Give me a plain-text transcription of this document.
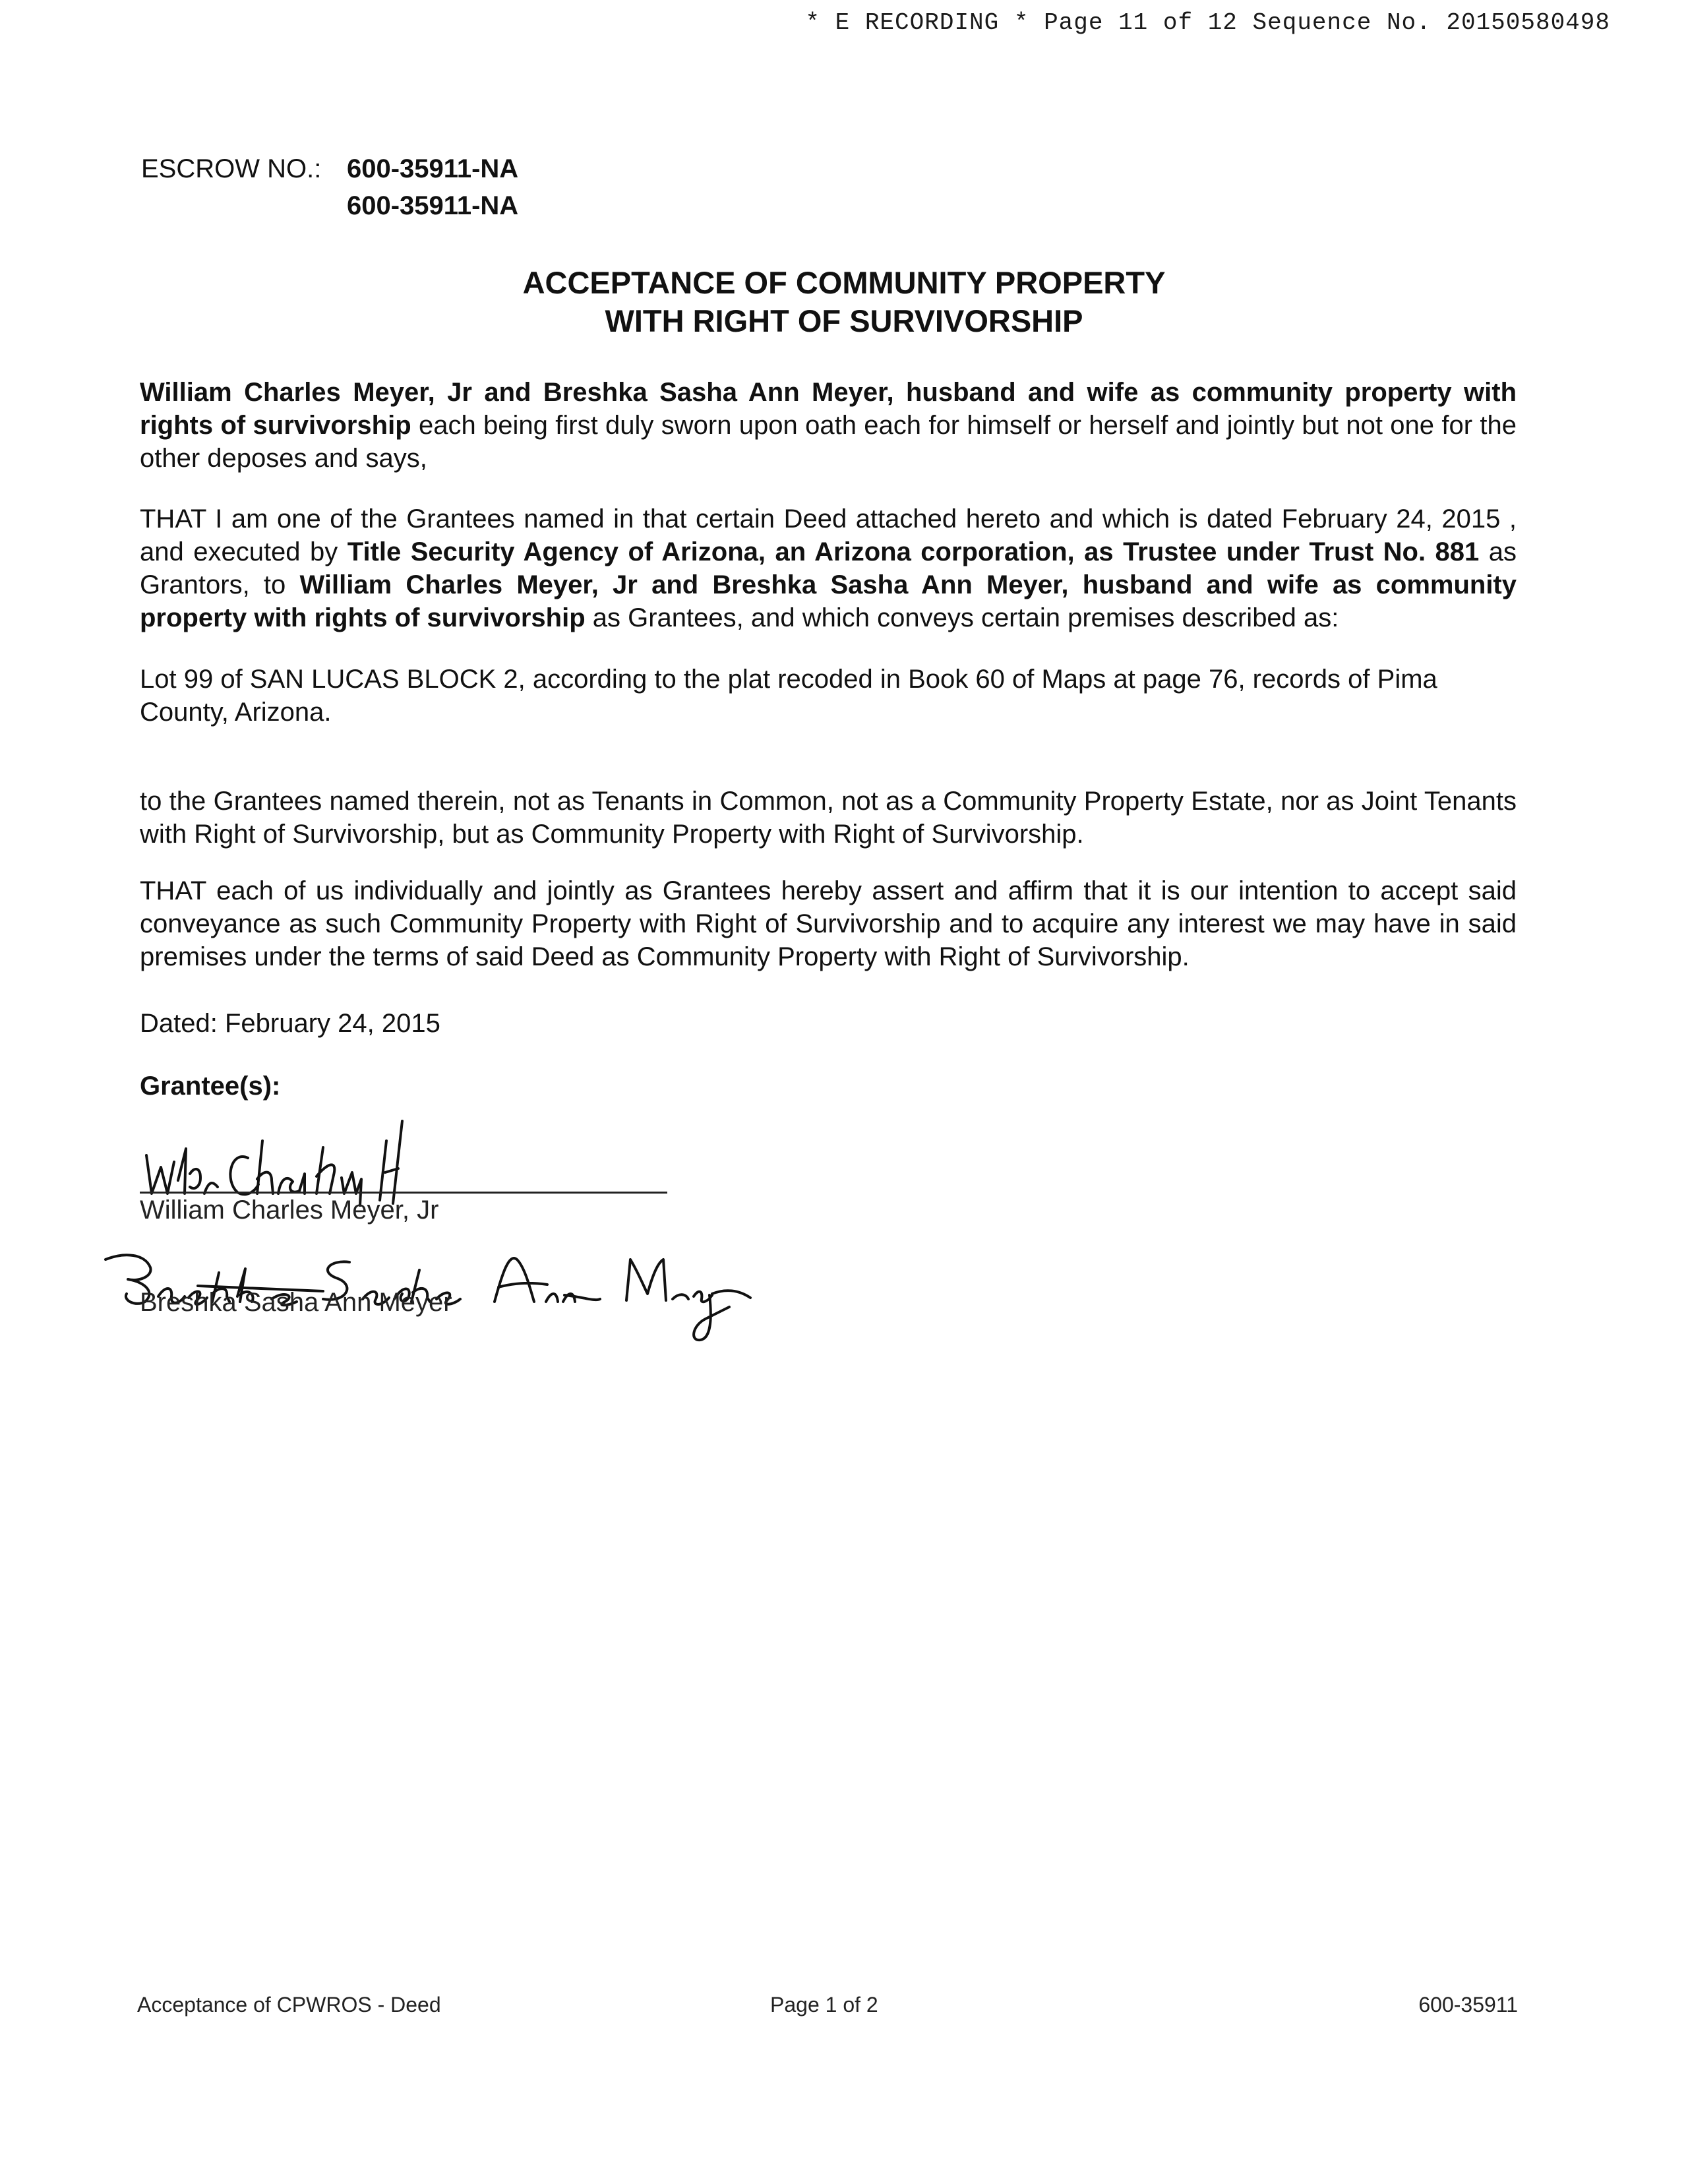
* E RECORDING * Page 11 of 12 Sequence No. 20150580498
ESCROW NO.: 600-35911-NA
600-35911-NA
ACCEPTANCE OF COMMUNITY PROPERTY
WITH RIGHT OF SURVIVORSHIP
William Charles Meyer, Jr and Breshka Sasha Ann Meyer, husband and wife as community property with rights of survivorship each being first duly sworn upon oath each for himself or herself and jointly but not one for the other deposes and says,
THAT I am one of the Grantees named in that certain Deed attached hereto and which is dated February 24, 2015 , and executed by Title Security Agency of Arizona, an Arizona corporation, as Trustee under Trust No. 881 as Grantors, to William Charles Meyer, Jr and Breshka Sasha Ann Meyer, husband and wife as community property with rights of survivorship as Grantees, and which conveys certain premises described as:
Lot 99 of SAN LUCAS BLOCK 2, according to the plat recoded in Book 60 of Maps at page 76, records of Pima County, Arizona.
to the Grantees named therein, not as Tenants in Common, not as a Community Property Estate, nor as Joint Tenants with Right of Survivorship, but as Community Property with Right of Survivorship.
THAT each of us individually and jointly as Grantees hereby assert and affirm that it is our intention to accept said conveyance as such Community Property with Right of Survivorship and to acquire any interest we may have in said premises under the terms of said Deed as Community Property with Right of Survivorship.
Dated: February 24, 2015
Grantee(s):
William Charles Meyer, Jr
Breshka Sasha Ann Meyer
Acceptance of CPWROS - Deed	Page 1 of 2	600-35911
